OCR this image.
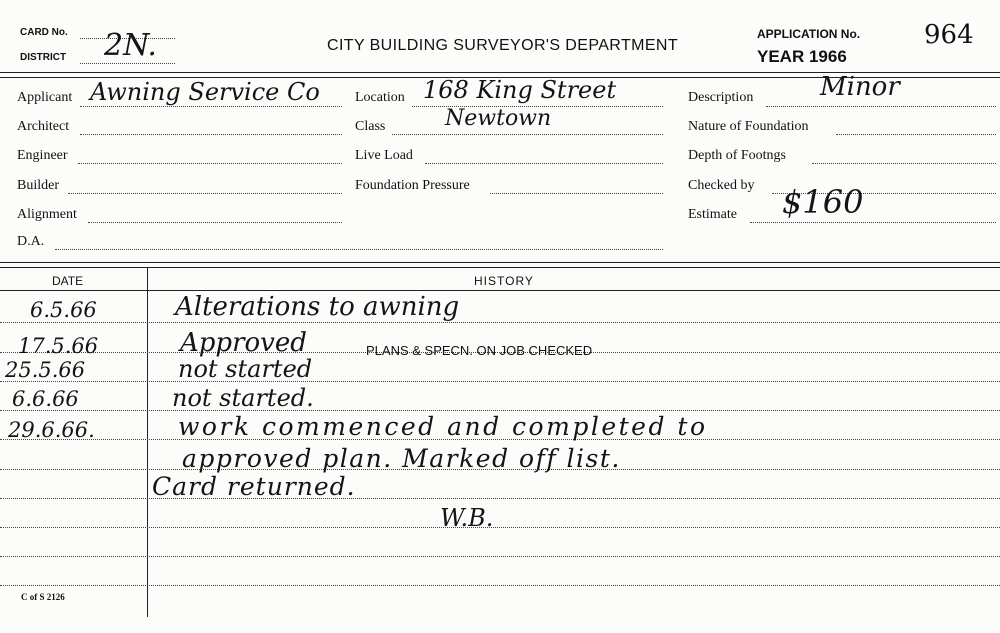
CARD No.
DISTRICT 2N.	CITY BUILDING SURVEYOR'S DEPARTMENT
APPLICATION No. 964
YEAR 1966
Applicant Awning Service Co
Architect
Engineer
Builder
Alignment
D.A.
Location 168 King Street
Class	Newtown
Live Load
Foundation Pressure
Description	Minor
Nature of Foundation
Depth of Footngs
Checked by
Estimate $160
DATE	HISTORY
6.5.66	Alterations to awning
17.5.66	Approved	PLANS & SPECN. ON JOB CHECKED
25.5.66	not started
6.6.66	not started.
29.6.66.	work commenced and completed to
approved plan. Marked off list.
Card returned.
W.B.
C of S 2126
